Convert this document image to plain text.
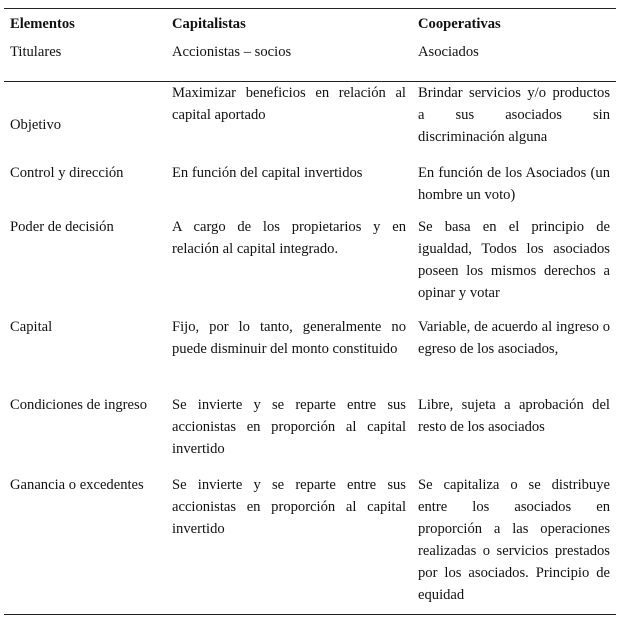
Elementos	Capitalistas	Cooperativas
Titulares	Accionistas – socios	Asociados
Objetivo	Maximizar beneficios en relación al capital aportado	Brindar servicios y/o productos a sus asociados sin discriminación alguna
Control y dirección	En función del capital invertidos	En función de los Asociados (un hombre un voto)
Poder de decisión	A cargo de los propietarios y en relación al capital integrado.	Se basa en el principio de igualdad, Todos los asociados poseen los mismos derechos a opinar y votar
Capital	Fijo, por lo tanto, generalmente no puede disminuir del monto constituido	Variable, de acuerdo al ingreso o egreso de los asociados,
Condiciones de ingreso	Se invierte y se reparte entre sus accionistas en proporción al capital invertido	Libre, sujeta a aprobación del resto de los asociados
Ganancia o excedentes	Se invierte y se reparte entre sus accionistas en proporción al capital invertido	Se capitaliza o se distribuye entre los asociados en proporción a las operaciones realizadas o servicios prestados por los asociados. Principio de equidad
